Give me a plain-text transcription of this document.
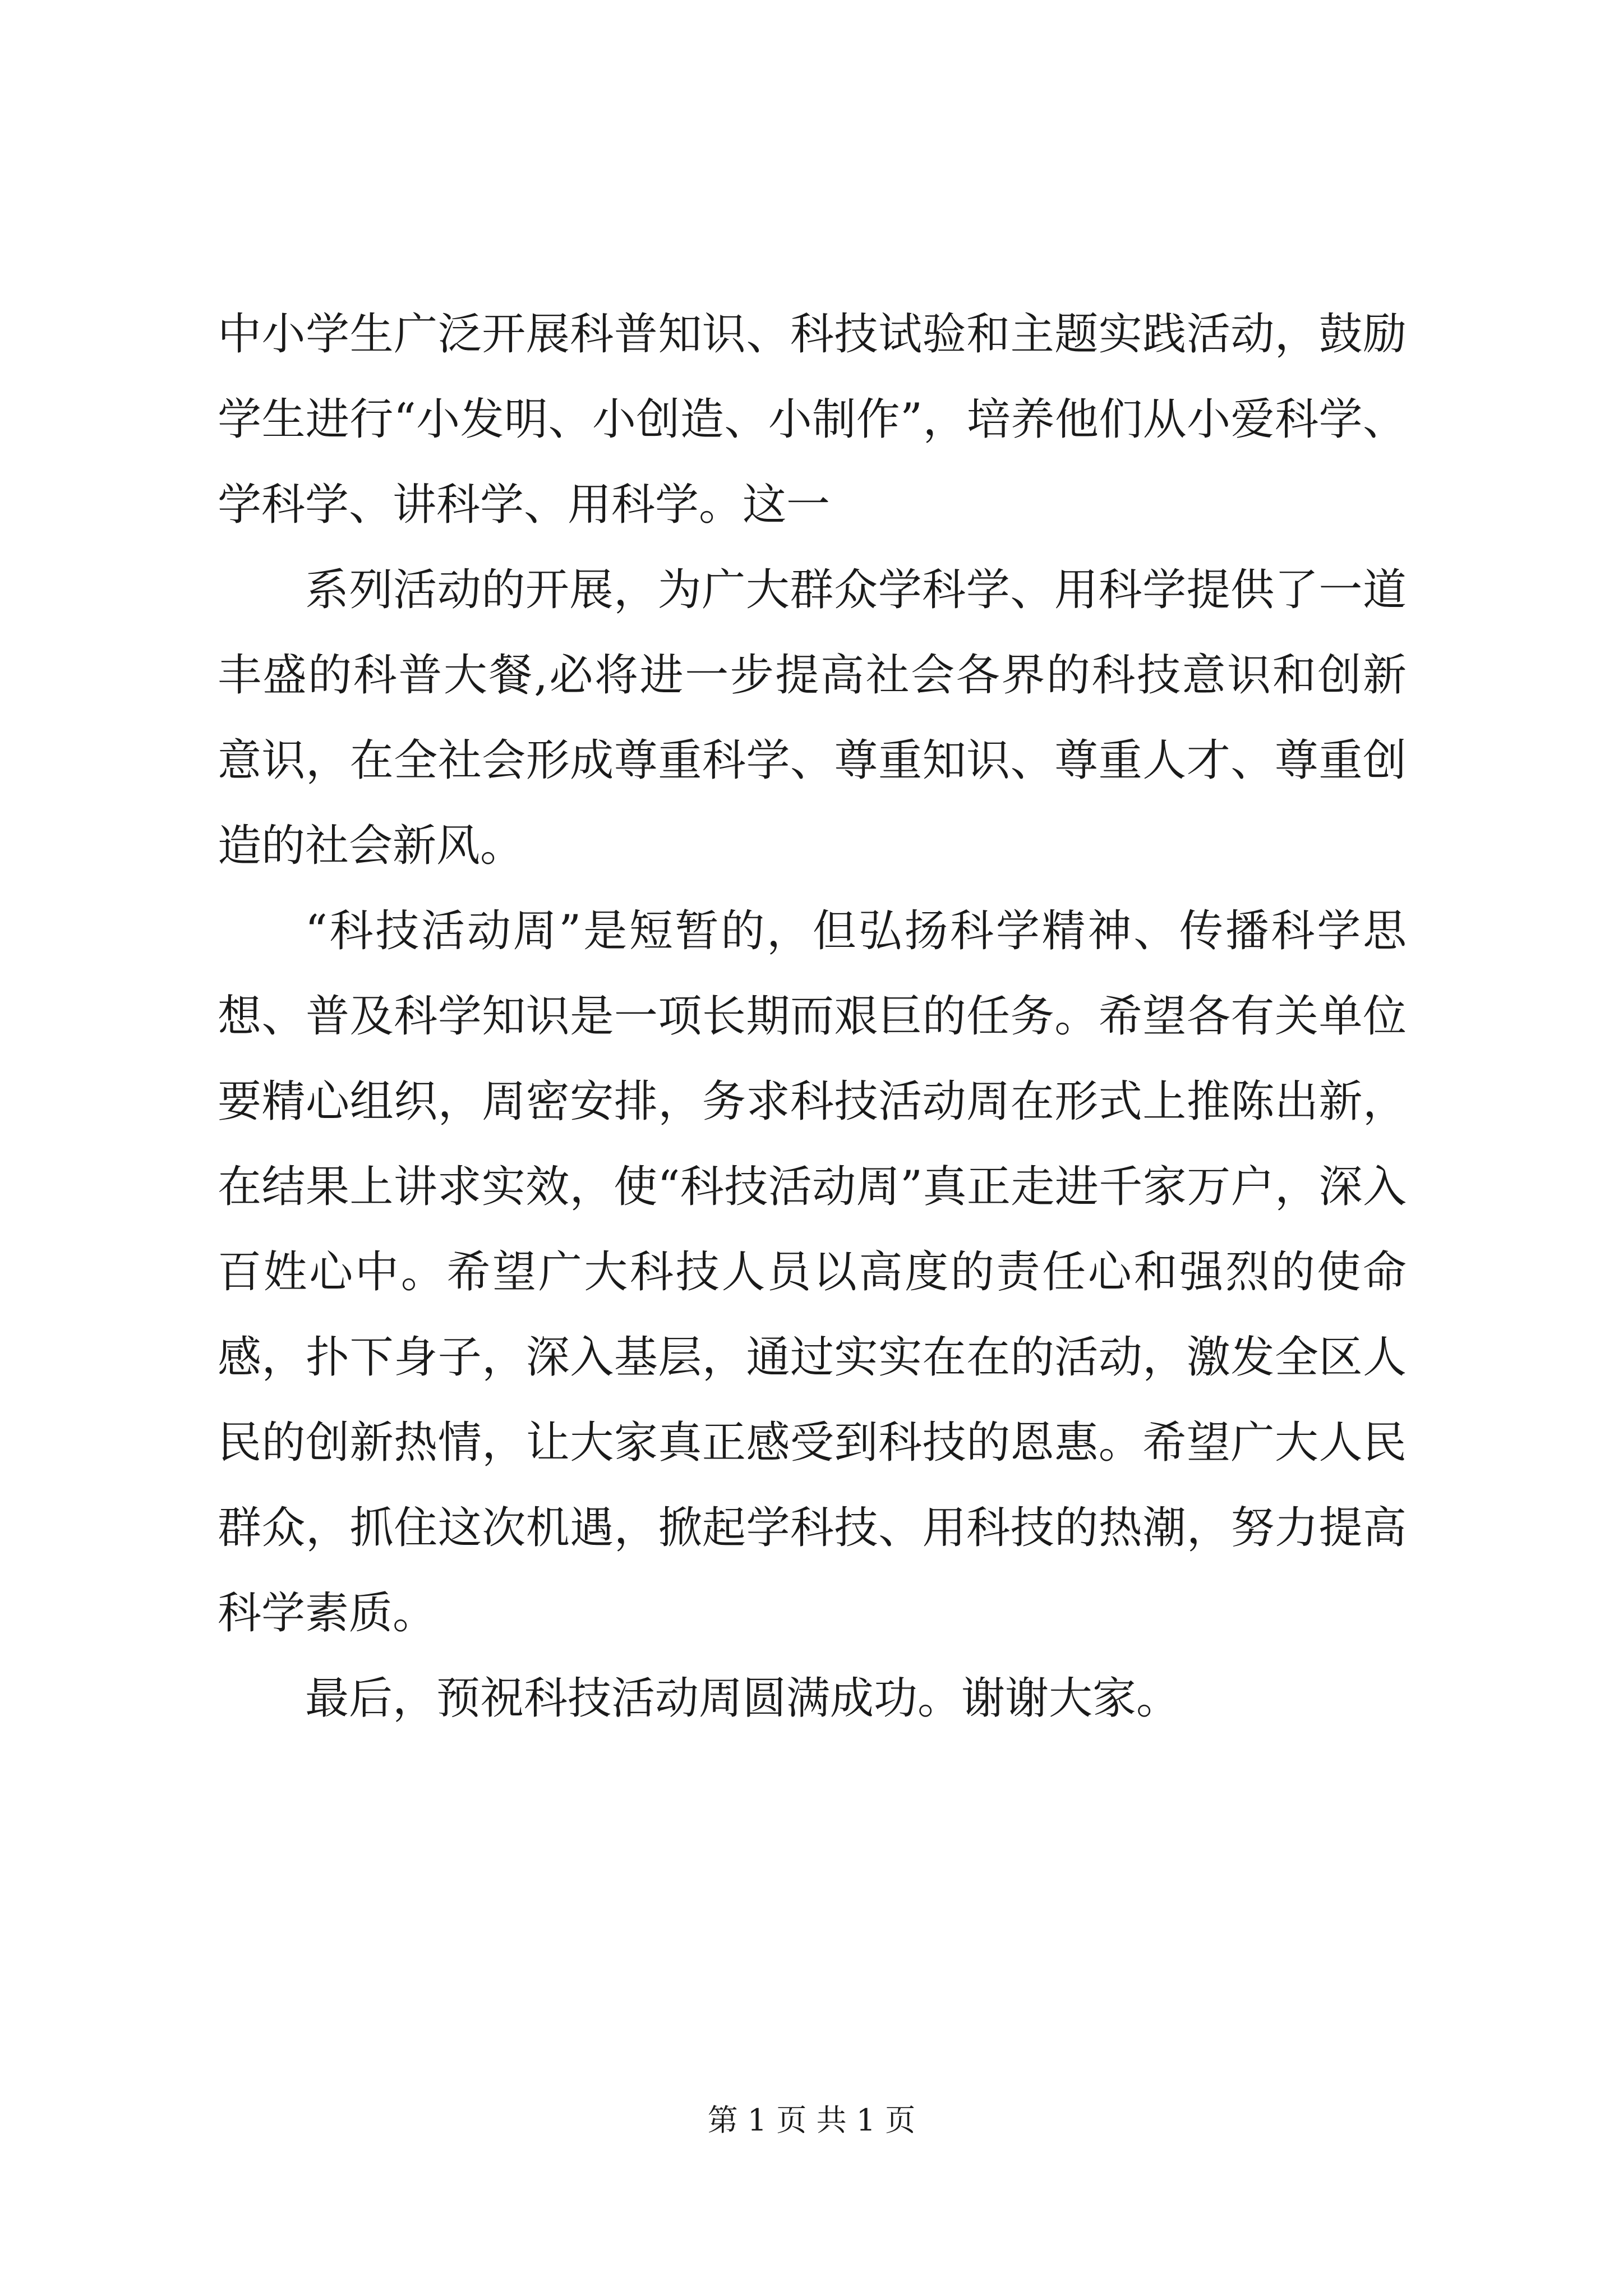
中小学生广泛开展科普知识、科技试验和主题实践活动，鼓励学生进行“小发明、小创造、小制作”，培养他们从小爱科学、学科学、讲科学、用科学。这一

系列活动的开展，为广大群众学科学、用科学提供了一道丰盛的科普大餐,必将进一步提高社会各界的科技意识和创新意识，在全社会形成尊重科学、尊重知识、尊重人才、尊重创造的社会新风。

“科技活动周”是短暂的，但弘扬科学精神、传播科学思想、普及科学知识是一项长期而艰巨的任务。希望各有关单位要精心组织，周密安排，务求科技活动周在形式上推陈出新，在结果上讲求实效，使“科技活动周”真正走进千家万户，深入百姓心中。希望广大科技人员以高度的责任心和强烈的使命感，扑下身子，深入基层，通过实实在在的活动，激发全区人民的创新热情，让大家真正感受到科技的恩惠。希望广大人民群众，抓住这次机遇，掀起学科技、用科技的热潮，努力提高科学素质。

最后，预祝科技活动周圆满成功。谢谢大家。

第 1 页 共 1 页
